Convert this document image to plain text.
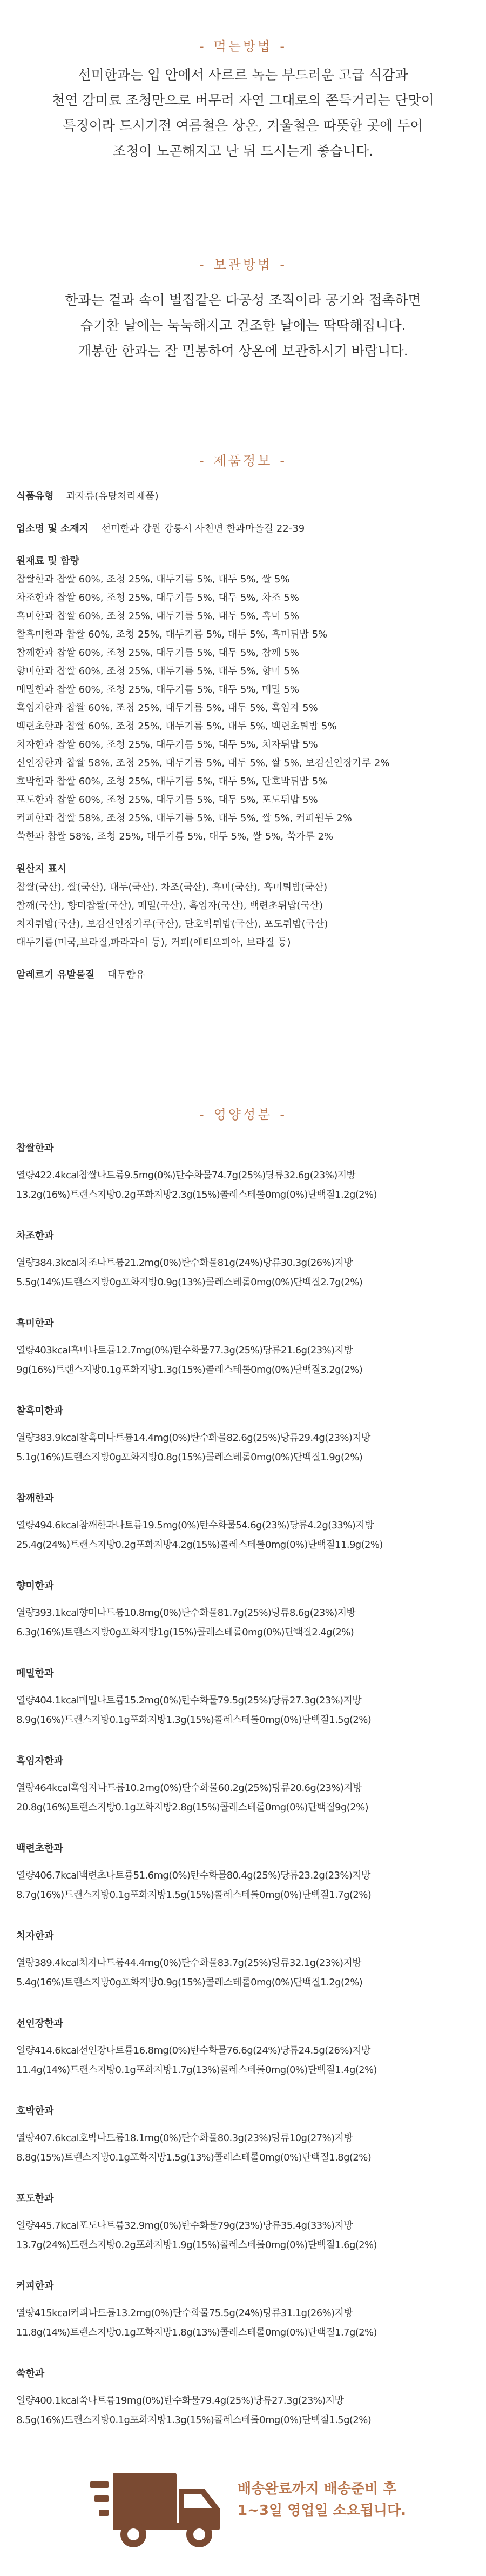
- 먹는방법 -
선미한과는 입 안에서 사르르 녹는 부드러운 고급 식감과
천연 감미료 조청만으로 버무려 자연 그대로의 쫀득거리는 단맛이
특징이라 드시기전 여름철은 상온, 겨울철은 따뜻한 곳에 두어
조청이 노곤해지고 난 뒤 드시는게 좋습니다.
- 보관방법 -
한과는 겉과 속이 벌집같은 다공성 조직이라 공기와 접촉하면
습기찬 날에는 눅눅해지고 건조한 날에는 딱딱해집니다.
개봉한 한과는 잘 밀봉하여 상온에 보관하시기 바랍니다.
- 제품정보 -
식품유형 과자류(유탕처리제품)
업소명 및 소재지 선미한과 강원 강릉시 사천면 한과마을길 22-39
원재료 및 함량
찹쌀한과 찹쌀 60%, 조청 25%, 대두기름 5%, 대두 5%, 쌀 5%
차조한과 찹쌀 60%, 조청 25%, 대두기름 5%, 대두 5%, 차조 5%
흑미한과 찹쌀 60%, 조청 25%, 대두기름 5%, 대두 5%, 흑미 5%
찰흑미한과 찹쌀 60%, 조청 25%, 대두기름 5%, 대두 5%, 흑미튀밥 5%
참깨한과 찹쌀 60%, 조청 25%, 대두기름 5%, 대두 5%, 참깨 5%
향미한과 찹쌀 60%, 조청 25%, 대두기름 5%, 대두 5%, 향미 5%
메밀한과 찹쌀 60%, 조청 25%, 대두기름 5%, 대두 5%, 메밀 5%
흑임자한과 찹쌀 60%, 조청 25%, 대두기름 5%, 대두 5%, 흑임자 5%
백련초한과 찹쌀 60%, 조청 25%, 대두기름 5%, 대두 5%, 백련초튀밥 5%
치자한과 찹쌀 60%, 조청 25%, 대두기름 5%, 대두 5%, 치자튀밥 5%
선인장한과 찹쌀 58%, 조청 25%, 대두기름 5%, 대두 5%, 쌀 5%, 보검선인장가루 2%
호박한과 찹쌀 60%, 조청 25%, 대두기름 5%, 대두 5%, 단호박튀밥 5%
포도한과 찹쌀 60%, 조청 25%, 대두기름 5%, 대두 5%, 포도튀밥 5%
커피한과 찹쌀 58%, 조청 25%, 대두기름 5%, 대두 5%, 쌀 5%, 커피원두 2%
쑥한과 찹쌀 58%, 조청 25%, 대두기름 5%, 대두 5%, 쌀 5%, 쑥가루 2%
원산지 표시
찹쌀(국산), 쌀(국산), 대두(국산), 차조(국산), 흑미(국산), 흑미튀밥(국산)
참깨(국산), 향미찹쌀(국산), 메밀(국산), 흑임자(국산), 백련초튀밥(국산)
치자튀밥(국산), 보검선인장가루(국산), 단호박튀밥(국산), 포도튀밥(국산)
대두기름(미국,브라질,파라과이 등), 커피(에티오피아, 브라질 등)
알레르기 유발물질 대두함유
- 영양성분 -
찹쌀한과
열량422.4kcal찹쌀나트륨9.5mg(0%)탄수화물74.7g(25%)당류32.6g(23%)지방
13.2g(16%)트랜스지방0.2g포화지방2.3g(15%)콜레스테롤0mg(0%)단백질1.2g(2%)
차조한과
열량384.3kcal차조나트륨21.2mg(0%)탄수화물81g(24%)당류30.3g(26%)지방
5.5g(14%)트랜스지방0g포화지방0.9g(13%)콜레스테롤0mg(0%)단백질2.7g(2%)
흑미한과
열량403kcal흑미나트륨12.7mg(0%)탄수화물77.3g(25%)당류21.6g(23%)지방
9g(16%)트랜스지방0.1g포화지방1.3g(15%)콜레스테롤0mg(0%)단백질3.2g(2%)
찰흑미한과
열량383.9kcal찰흑미나트륨14.4mg(0%)탄수화물82.6g(25%)당류29.4g(23%)지방
5.1g(16%)트랜스지방0g포화지방0.8g(15%)콜레스테롤0mg(0%)단백질1.9g(2%)
참깨한과
열량494.6kcal참깨한과나트륨19.5mg(0%)탄수화물54.6g(23%)당류4.2g(33%)지방
25.4g(24%)트랜스지방0.2g포화지방4.2g(15%)콜레스테롤0mg(0%)단백질11.9g(2%)
향미한과
열량393.1kcal향미나트륨10.8mg(0%)탄수화물81.7g(25%)당류8.6g(23%)지방
6.3g(16%)트랜스지방0g포화지방1g(15%)콜레스테롤0mg(0%)단백질2.4g(2%)
메밀한과
열량404.1kcal메밀나트륨15.2mg(0%)탄수화물79.5g(25%)당류27.3g(23%)지방
8.9g(16%)트랜스지방0.1g포화지방1.3g(15%)콜레스테롤0mg(0%)단백질1.5g(2%)
흑임자한과
열량464kcal흑임자나트륨10.2mg(0%)탄수화물60.2g(25%)당류20.6g(23%)지방
20.8g(16%)트랜스지방0.1g포화지방2.8g(15%)콜레스테롤0mg(0%)단백질9g(2%)
백련초한과
열량406.7kcal백련초나트륨51.6mg(0%)탄수화물80.4g(25%)당류23.2g(23%)지방
8.7g(16%)트랜스지방0.1g포화지방1.5g(15%)콜레스테롤0mg(0%)단백질1.7g(2%)
치자한과
열량389.4kcal치자나트륨44.4mg(0%)탄수화물83.7g(25%)당류32.1g(23%)지방
5.4g(16%)트랜스지방0g포화지방0.9g(15%)콜레스테롤0mg(0%)단백질1.2g(2%)
선인장한과
열량414.6kcal선인장나트륨16.8mg(0%)탄수화물76.6g(24%)당류24.5g(26%)지방
11.4g(14%)트랜스지방0.1g포화지방1.7g(13%)콜레스테롤0mg(0%)단백질1.4g(2%)
호박한과
열량407.6kcal호박나트륨18.1mg(0%)탄수화물80.3g(23%)당류10g(27%)지방
8.8g(15%)트랜스지방0.1g포화지방1.5g(13%)콜레스테롤0mg(0%)단백질1.8g(2%)
포도한과
열량445.7kcal포도나트륨32.9mg(0%)탄수화물79g(23%)당류35.4g(33%)지방
13.7g(24%)트랜스지방0.2g포화지방1.9g(15%)콜레스테롤0mg(0%)단백질1.6g(2%)
커피한과
열량415kcal커피나트륨13.2mg(0%)탄수화물75.5g(24%)당류31.1g(26%)지방
11.8g(14%)트랜스지방0.1g포화지방1.8g(13%)콜레스테롤0mg(0%)단백질1.7g(2%)
쑥한과
열량400.1kcal쑥나트륨19mg(0%)탄수화물79.4g(25%)당류27.3g(23%)지방
8.5g(16%)트랜스지방0.1g포화지방1.3g(15%)콜레스테롤0mg(0%)단백질1.5g(2%)
배송완료까지 배송준비 후
1~3일 영업일 소요됩니다.
